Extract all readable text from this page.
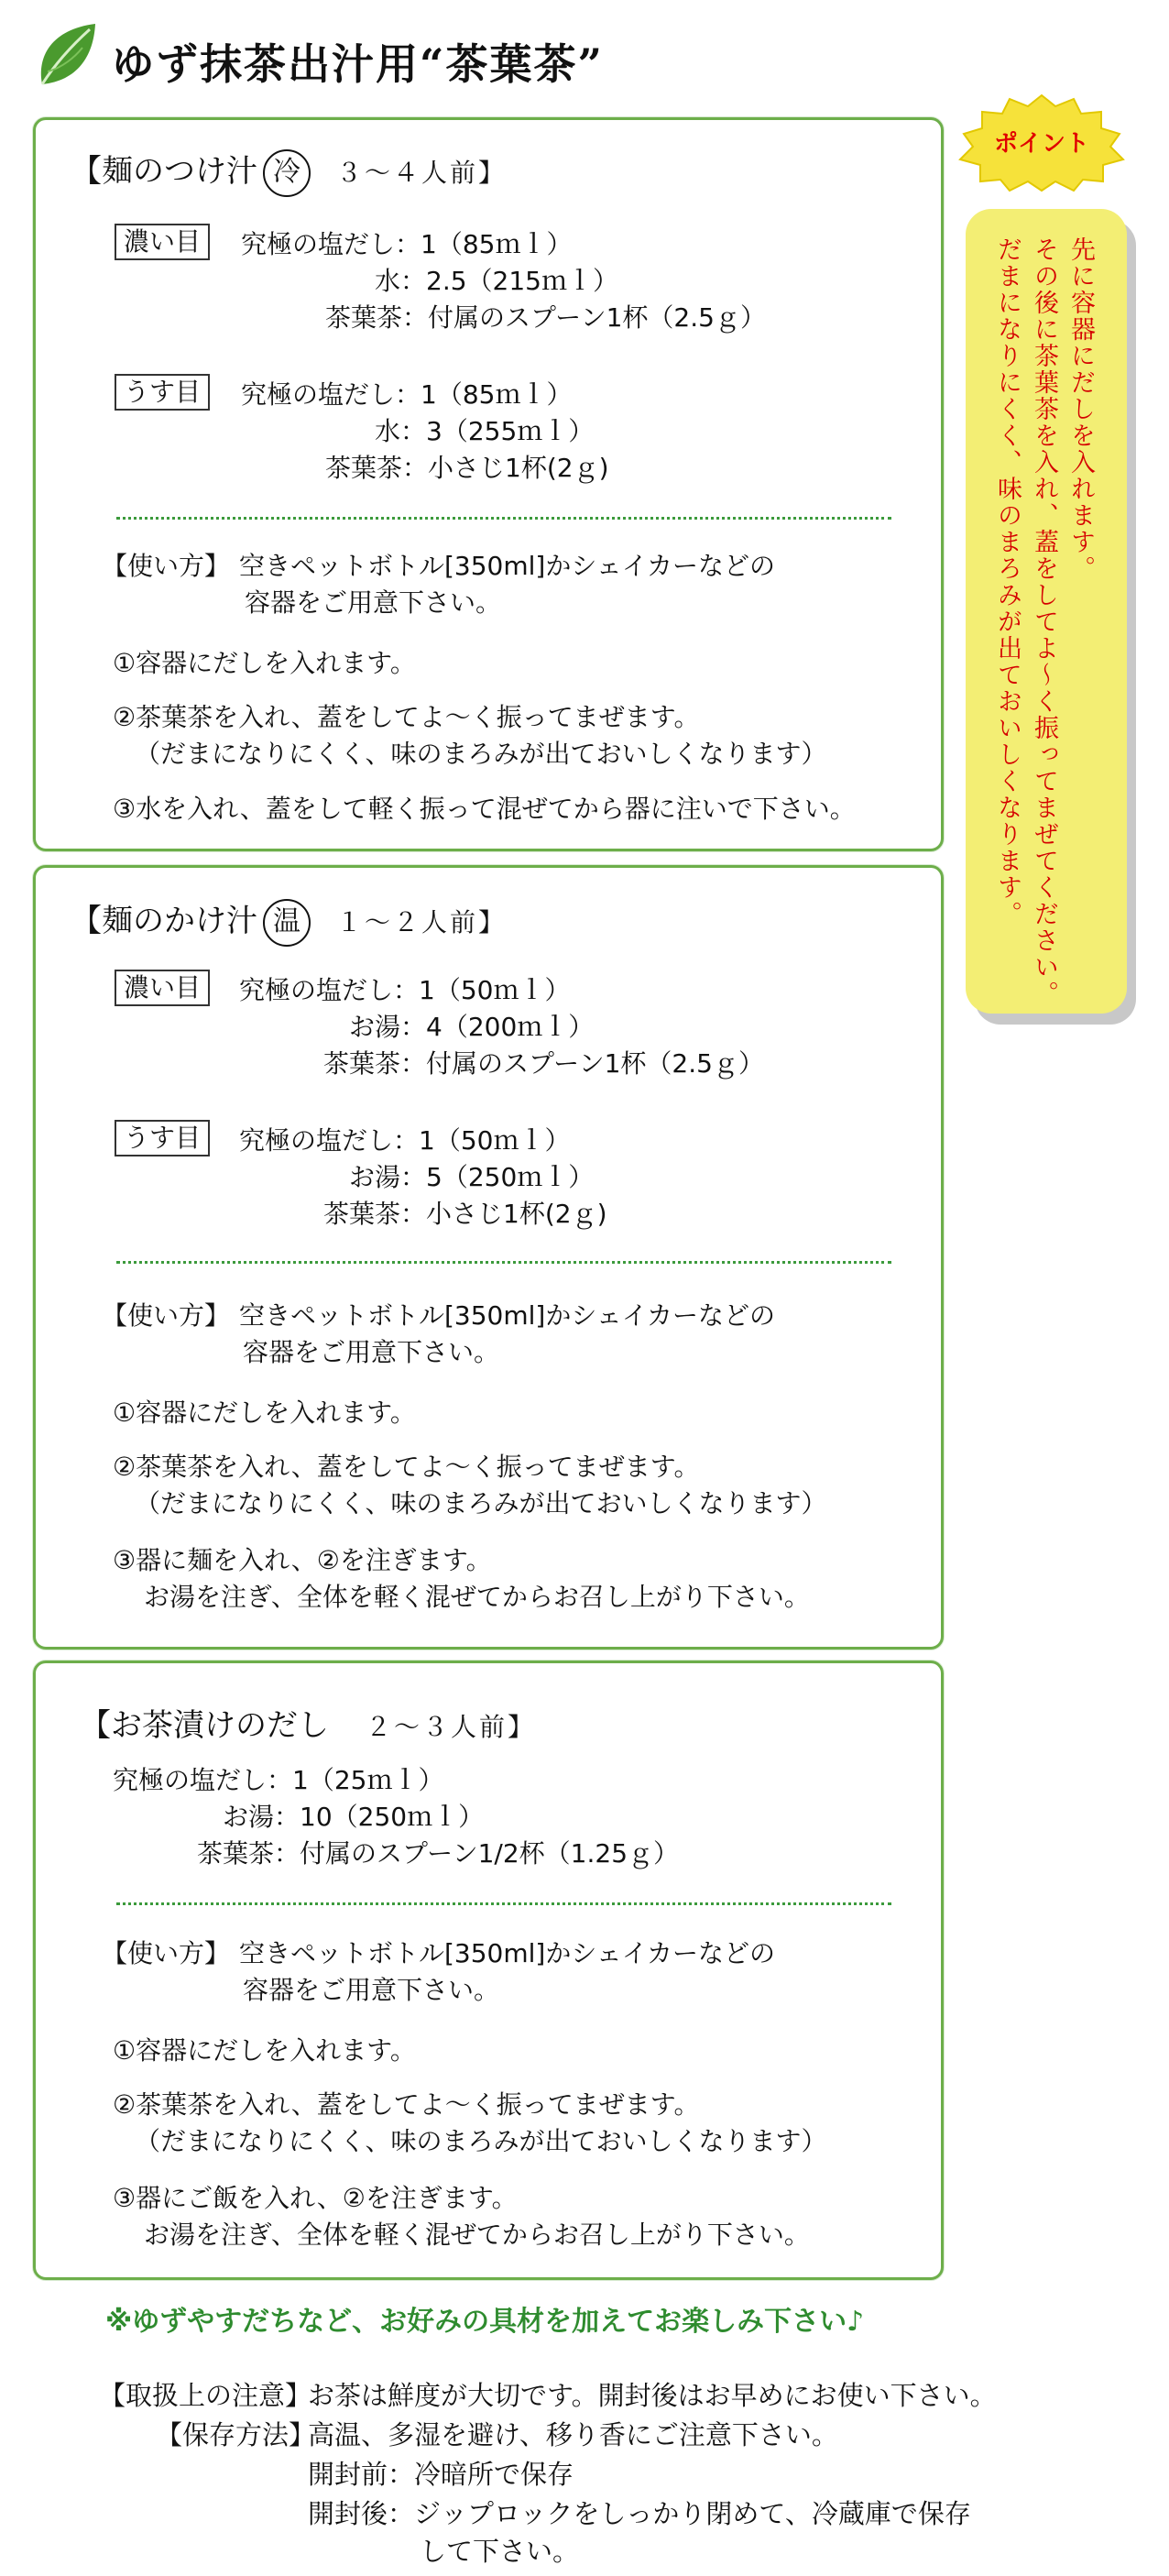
ゆず抹茶出汁用“茶葉茶”
【麺のつけ汁 冷 ３～４人前】
濃い目	究極の塩だし：1（85ｍｌ）
水：2.5（215ｍｌ）
茶葉茶：付属のスプーン1杯（2.5ｇ）
うす目	究極の塩だし：1（85ｍｌ）
水：3（255ｍｌ）
茶葉茶：小さじ1杯(2ｇ)
【使い方】 空きペットボトル[350ml]かシェイカーなどの
容器をご用意下さい。
①容器にだしを入れます。
②茶葉茶を入れ、蓋をしてよ～く振ってまぜます。
（だまになりにくく、味のまろみが出ておいしくなります）
③水を入れ、蓋をして軽く振って混ぜてから器に注いで下さい。
【麺のかけ汁 温 １～２人前】
濃い目	究極の塩だし：1（50ｍｌ）
お湯：4（200ｍｌ）
茶葉茶：付属のスプーン1杯（2.5ｇ）
うす目	究極の塩だし：1（50ｍｌ）
お湯：5（250ｍｌ）
茶葉茶：小さじ1杯(2ｇ)
【使い方】 空きペットボトル[350ml]かシェイカーなどの
容器をご用意下さい。
①容器にだしを入れます。
②茶葉茶を入れ、蓋をしてよ～く振ってまぜます。
（だまになりにくく、味のまろみが出ておいしくなります）
③器に麺を入れ、②を注ぎます。
お湯を注ぎ、全体を軽く混ぜてからお召し上がり下さい。
【お茶漬けのだし ２～３人前】
究極の塩だし：1（25ｍｌ）
お湯：10（250ｍｌ）
茶葉茶：付属のスプーン1/2杯（1.25ｇ）
【使い方】 空きペットボトル[350ml]かシェイカーなどの
容器をご用意下さい。
①容器にだしを入れます。
②茶葉茶を入れ、蓋をしてよ～く振ってまぜます。
（だまになりにくく、味のまろみが出ておいしくなります）
③器にご飯を入れ、②を注ぎます。
お湯を注ぎ、全体を軽く混ぜてからお召し上がり下さい。
ポイント
先に容器にだしを入れます。
その後に茶葉茶を入れ、蓋をしてよ～く振ってまぜてください。
だまになりにくく、味のまろみが出ておいしくなります。
※ゆずやすだちなど、お好みの具材を加えてお楽しみ下さい♪
【取扱上の注意】
お茶は鮮度が大切です。開封後はお早めにお使い下さい。
【保存方法】
高温、多湿を避け、移り香にご注意下さい。
開封前：冷暗所で保存
開封後：ジップロックをしっかり閉めて、冷蔵庫で保存
して下さい。
